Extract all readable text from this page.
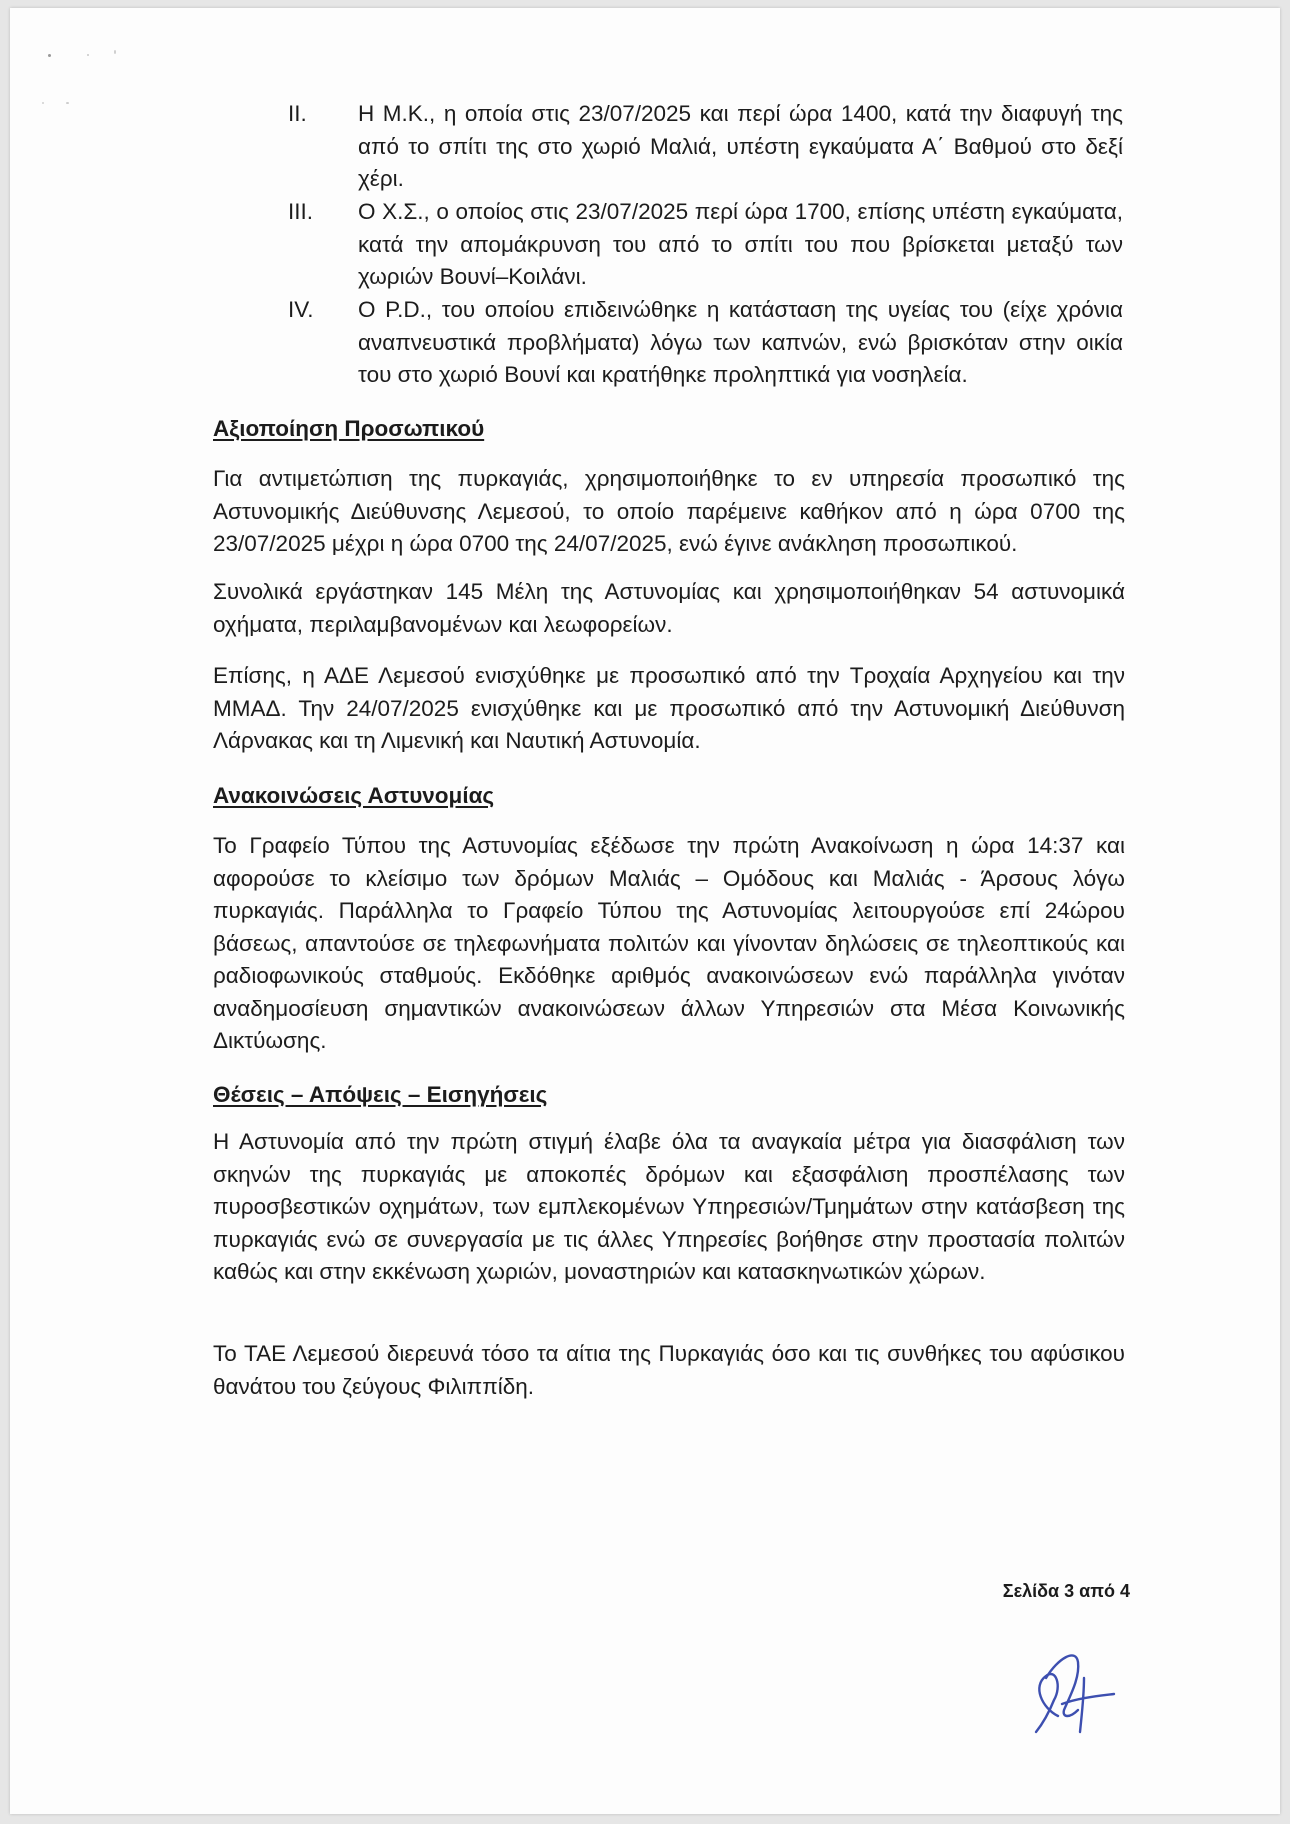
II.	Η Μ.Κ., η οποία στις 23/07/2025 και περί ώρα 1400, κατά την διαφυγή της από το σπίτι της στο χωριό Μαλιά, υπέστη εγκαύματα Α΄ Βαθμού στο δεξί χέρι.
III.	Ο Χ.Σ., ο οποίος στις 23/07/2025 περί ώρα 1700, επίσης υπέστη εγκαύματα, κατά την απομάκρυνση του από το σπίτι του που βρίσκεται μεταξύ των χωριών Βουνί–Κοιλάνι.
IV.	Ο P.D., του οποίου επιδεινώθηκε η κατάσταση της υγείας του (είχε χρόνια αναπνευστικά προβλήματα) λόγω των καπνών, ενώ βρισκόταν στην οικία του στο χωριό Βουνί και κρατήθηκε προληπτικά για νοσηλεία.
Αξιοποίηση Προσωπικού
Για αντιμετώπιση της πυρκαγιάς, χρησιμοποιήθηκε το εν υπηρεσία προσωπικό της Αστυνομικής Διεύθυνσης Λεμεσού, το οποίο παρέμεινε καθήκον από η ώρα 0700 της 23/07/2025 μέχρι η ώρα 0700 της 24/07/2025, ενώ έγινε ανάκληση προσωπικού.
Συνολικά εργάστηκαν 145 Μέλη της Αστυνομίας και χρησιμοποιήθηκαν 54 αστυνομικά οχήματα, περιλαμβανομένων και λεωφορείων.
Επίσης, η ΑΔΕ Λεμεσού ενισχύθηκε με προσωπικό από την Τροχαία Αρχηγείου και την ΜΜΑΔ. Την 24/07/2025 ενισχύθηκε και με προσωπικό από την Αστυνομική Διεύθυνση Λάρνακας και τη Λιμενική και Ναυτική Αστυνομία.
Ανακοινώσεις Αστυνομίας
Το Γραφείο Τύπου της Αστυνομίας εξέδωσε την πρώτη Ανακοίνωση η ώρα 14:37 και αφορούσε το κλείσιμο των δρόμων Μαλιάς – Ομόδους και Μαλιάς - Άρσους λόγω πυρκαγιάς. Παράλληλα το Γραφείο Τύπου της Αστυνομίας λειτουργούσε επί 24ώρου βάσεως, απαντούσε σε τηλεφωνήματα πολιτών και γίνονταν δηλώσεις σε τηλεοπτικούς και ραδιοφωνικούς σταθμούς. Εκδόθηκε αριθμός ανακοινώσεων ενώ παράλληλα γινόταν αναδημοσίευση σημαντικών ανακοινώσεων άλλων Υπηρεσιών στα Μέσα Κοινωνικής Δικτύωσης.
Θέσεις – Απόψεις – Εισηγήσεις
Η Αστυνομία από την πρώτη στιγμή έλαβε όλα τα αναγκαία μέτρα για διασφάλιση των σκηνών της πυρκαγιάς με αποκοπές δρόμων και εξασφάλιση προσπέλασης των πυροσβεστικών οχημάτων, των εμπλεκομένων Υπηρεσιών/Τμημάτων στην κατάσβεση της πυρκαγιάς ενώ σε συνεργασία με τις άλλες Υπηρεσίες βοήθησε στην προστασία πολιτών καθώς και στην εκκένωση χωριών, μοναστηριών και κατασκηνωτικών χώρων.
Το ΤΑΕ Λεμεσού διερευνά τόσο τα αίτια της Πυρκαγιάς όσο και τις συνθήκες του αφύσικου θανάτου του ζεύγους Φιλιππίδη.
Σελίδα 3 από 4
